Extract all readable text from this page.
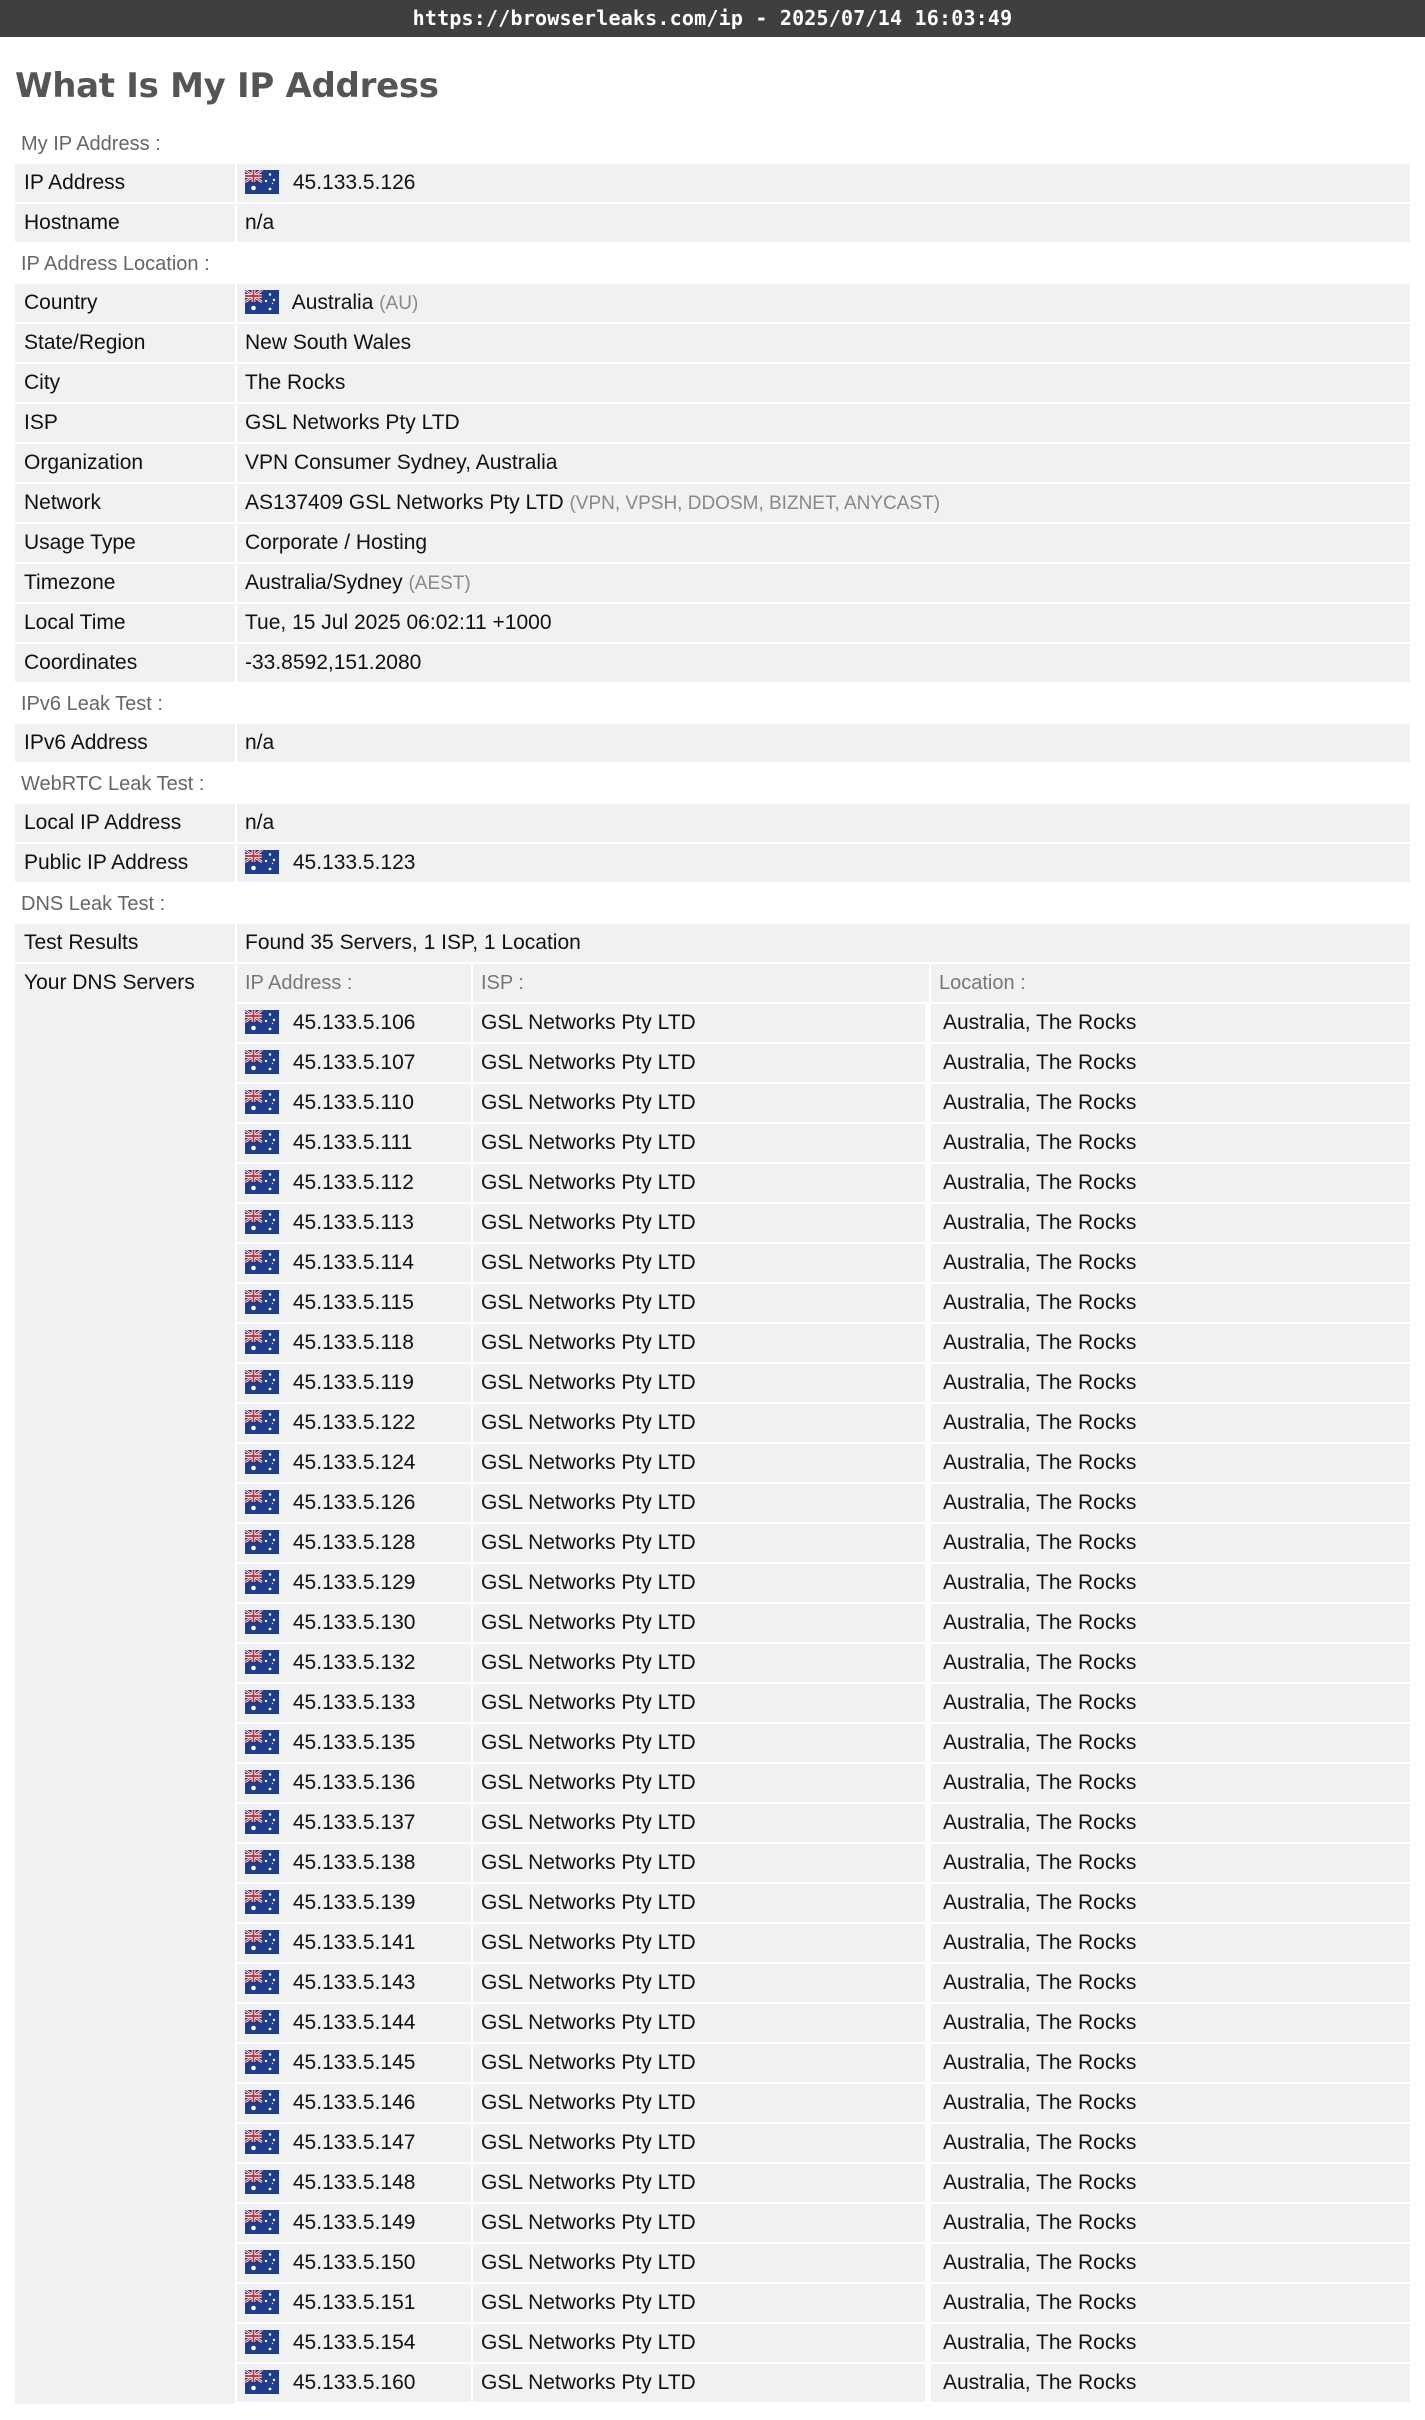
https://browserleaks.com/ip - 2025/07/14 16:03:49
What Is My IP Address
My IP Address :
IP Address	45.133.5.126
Hostname	n/a
IP Address Location :
Country	Australia (AU)
State/Region	New South Wales
City	The Rocks
ISP	GSL Networks Pty LTD
Organization	VPN Consumer Sydney, Australia
Network	AS137409 GSL Networks Pty LTD (VPN, VPSH, DDOSM, BIZNET, ANYCAST)
Usage Type	Corporate / Hosting
Timezone	Australia/Sydney (AEST)
Local Time	Tue, 15 Jul 2025 06:02:11 +1000
Coordinates	-33.8592,151.2080
IPv6 Leak Test :
IPv6 Address	n/a
WebRTC Leak Test :
Local IP Address	n/a
Public IP Address	45.133.5.123
DNS Leak Test :
Test Results	Found 35 Servers, 1 ISP, 1 Location
Your DNS Servers	IP Address :	ISP :	Location :
45.133.5.106	GSL Networks Pty LTD	Australia, The Rocks
45.133.5.107	GSL Networks Pty LTD	Australia, The Rocks
45.133.5.110	GSL Networks Pty LTD	Australia, The Rocks
45.133.5.111	GSL Networks Pty LTD	Australia, The Rocks
45.133.5.112	GSL Networks Pty LTD	Australia, The Rocks
45.133.5.113	GSL Networks Pty LTD	Australia, The Rocks
45.133.5.114	GSL Networks Pty LTD	Australia, The Rocks
45.133.5.115	GSL Networks Pty LTD	Australia, The Rocks
45.133.5.118	GSL Networks Pty LTD	Australia, The Rocks
45.133.5.119	GSL Networks Pty LTD	Australia, The Rocks
45.133.5.122	GSL Networks Pty LTD	Australia, The Rocks
45.133.5.124	GSL Networks Pty LTD	Australia, The Rocks
45.133.5.126	GSL Networks Pty LTD	Australia, The Rocks
45.133.5.128	GSL Networks Pty LTD	Australia, The Rocks
45.133.5.129	GSL Networks Pty LTD	Australia, The Rocks
45.133.5.130	GSL Networks Pty LTD	Australia, The Rocks
45.133.5.132	GSL Networks Pty LTD	Australia, The Rocks
45.133.5.133	GSL Networks Pty LTD	Australia, The Rocks
45.133.5.135	GSL Networks Pty LTD	Australia, The Rocks
45.133.5.136	GSL Networks Pty LTD	Australia, The Rocks
45.133.5.137	GSL Networks Pty LTD	Australia, The Rocks
45.133.5.138	GSL Networks Pty LTD	Australia, The Rocks
45.133.5.139	GSL Networks Pty LTD	Australia, The Rocks
45.133.5.141	GSL Networks Pty LTD	Australia, The Rocks
45.133.5.143	GSL Networks Pty LTD	Australia, The Rocks
45.133.5.144	GSL Networks Pty LTD	Australia, The Rocks
45.133.5.145	GSL Networks Pty LTD	Australia, The Rocks
45.133.5.146	GSL Networks Pty LTD	Australia, The Rocks
45.133.5.147	GSL Networks Pty LTD	Australia, The Rocks
45.133.5.148	GSL Networks Pty LTD	Australia, The Rocks
45.133.5.149	GSL Networks Pty LTD	Australia, The Rocks
45.133.5.150	GSL Networks Pty LTD	Australia, The Rocks
45.133.5.151	GSL Networks Pty LTD	Australia, The Rocks
45.133.5.154	GSL Networks Pty LTD	Australia, The Rocks
45.133.5.160	GSL Networks Pty LTD	Australia, The Rocks
